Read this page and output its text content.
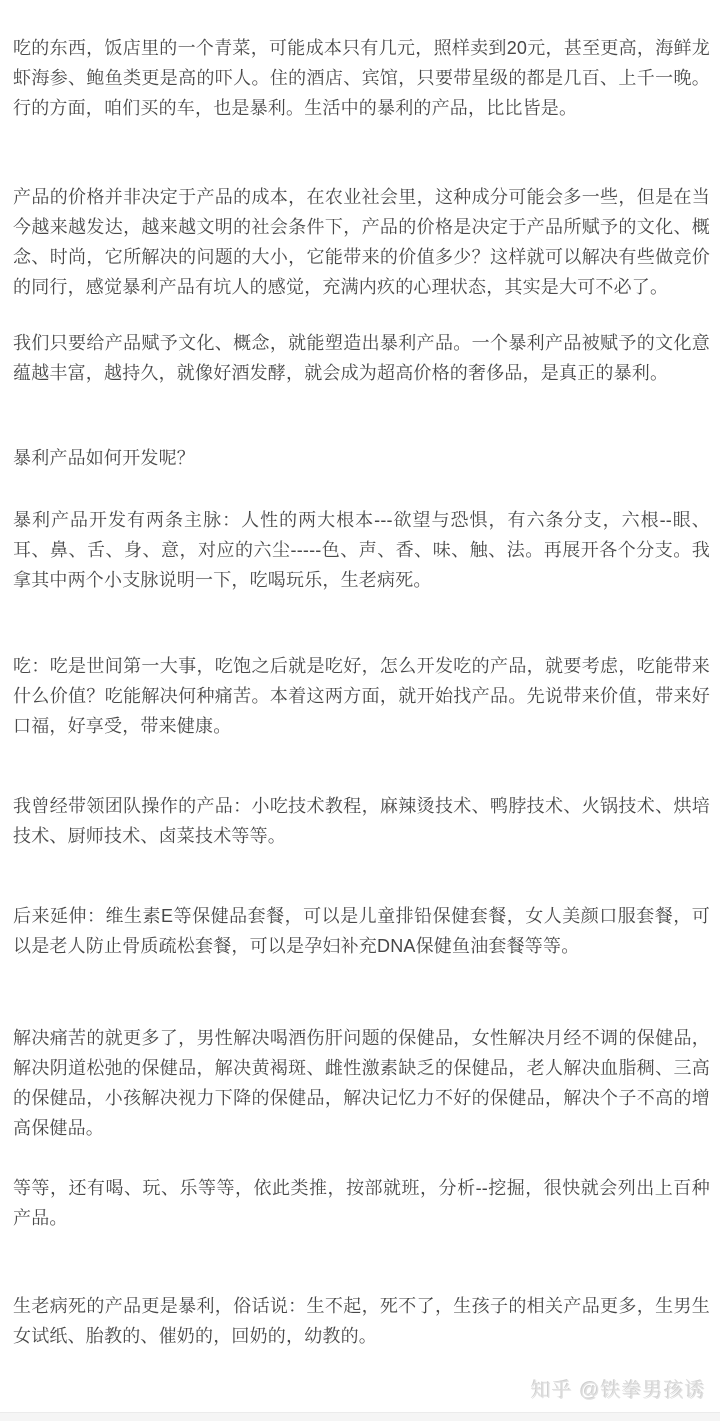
吃的东西，饭店里的一个青菜，可能成本只有几元，照样卖到20元，甚至更高，海鲜龙虾海参、鲍鱼类更是高的吓人。住的酒店、宾馆，只要带星级的都是几百、上千一晚。行的方面，咱们买的车，也是暴利。生活中的暴利的产品，比比皆是。

产品的价格并非决定于产品的成本，在农业社会里，这种成分可能会多一些，但是在当今越来越发达，越来越文明的社会条件下，产品的价格是决定于产品所赋予的文化、概念、时尚，它所解决的问题的大小，它能带来的价值多少？这样就可以解决有些做竞价的同行，感觉暴利产品有坑人的感觉，充满内疚的心理状态，其实是大可不必了。

我们只要给产品赋予文化、概念，就能塑造出暴利产品。一个暴利产品被赋予的文化意蕴越丰富，越持久，就像好酒发酵，就会成为超高价格的奢侈品，是真正的暴利。

暴利产品如何开发呢？

暴利产品开发有两条主脉：人性的两大根本---欲望与恐惧，有六条分支，六根--眼、耳、鼻、舌、身、意，对应的六尘-----色、声、香、味、触、法。再展开各个分支。我拿其中两个小支脉说明一下，吃喝玩乐，生老病死。

吃：吃是世间第一大事，吃饱之后就是吃好，怎么开发吃的产品，就要考虑，吃能带来什么价值？吃能解决何种痛苦。本着这两方面，就开始找产品。先说带来价值，带来好口福，好享受，带来健康。

我曾经带领团队操作的产品：小吃技术教程，麻辣烫技术、鸭脖技术、火锅技术、烘培技术、厨师技术、卤菜技术等等。

后来延伸：维生素E等保健品套餐，可以是儿童排铅保健套餐，女人美颜口服套餐，可以是老人防止骨质疏松套餐，可以是孕妇补充DNA保健鱼油套餐等等。

解决痛苦的就更多了，男性解决喝酒伤肝问题的保健品，女性解决月经不调的保健品，解决阴道松弛的保健品，解决黄褐斑、雌性激素缺乏的保健品，老人解决血脂稠、三高的保健品，小孩解决视力下降的保健品，解决记忆力不好的保健品，解决个子不高的增高保健品。

等等，还有喝、玩、乐等等，依此类推，按部就班，分析--挖掘，很快就会列出上百种产品。

生老病死的产品更是暴利，俗话说：生不起，死不了，生孩子的相关产品更多，生男生女试纸、胎教的、催奶的，回奶的，幼教的。

知乎 @铁拳男孩诱
